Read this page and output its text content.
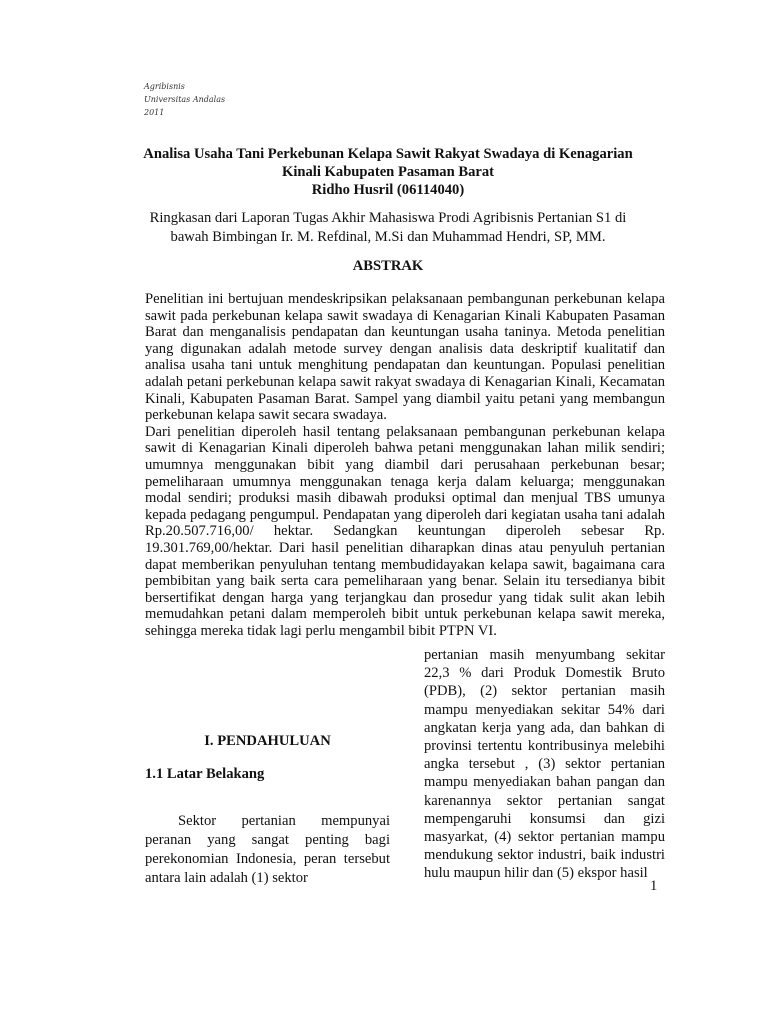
Agribisnis
Universitas Andalas
2011
Analisa Usaha Tani Perkebunan Kelapa Sawit Rakyat Swadaya di Kenagarian
Kinali Kabupaten Pasaman Barat
Ridho Husril (06114040)
Ringkasan dari Laporan Tugas Akhir Mahasiswa Prodi Agribisnis Pertanian S1 di bawah Bimbingan Ir. M. Refdinal, M.Si dan Muhammad Hendri, SP, MM.
ABSTRAK

Penelitian ini bertujuan mendeskripsikan pelaksanaan pembangunan perkebunan kelapa sawit pada perkebunan kelapa sawit swadaya di Kenagarian Kinali Kabupaten Pasaman Barat dan menganalisis pendapatan dan keuntungan usaha taninya. Metoda penelitian yang digunakan adalah metode survey dengan analisis data deskriptif kualitatif dan analisa usaha tani untuk menghitung pendapatan dan keuntungan. Populasi penelitian adalah petani perkebunan kelapa sawit rakyat swadaya di Kenagarian Kinali, Kecamatan Kinali, Kabupaten Pasaman Barat. Sampel yang diambil yaitu petani yang membangun perkebunan kelapa sawit secara swadaya.

Dari penelitian diperoleh hasil tentang pelaksanaan pembangunan perkebunan kelapa sawit di Kenagarian Kinali diperoleh bahwa petani menggunakan lahan milik sendiri; umumnya menggunakan bibit yang diambil dari perusahaan perkebunan besar; pemeliharaan umumnya menggunakan tenaga kerja dalam keluarga; menggunakan modal sendiri; produksi masih dibawah produksi optimal dan menjual TBS umunya kepada pedagang pengumpul. Pendapatan yang diperoleh dari kegiatan usaha tani adalah Rp.20.507.716,00/ hektar. Sedangkan keuntungan diperoleh sebesar Rp. 19.301.769,00/hektar. Dari hasil penelitian diharapkan dinas atau penyuluh pertanian dapat memberikan penyuluhan tentang membudidayakan kelapa sawit, bagaimana cara pembibitan yang baik serta cara pemeliharaan yang benar. Selain itu tersedianya bibit bersertifikat dengan harga yang terjangkau dan prosedur yang tidak sulit akan lebih memudahkan petani dalam memperoleh bibit untuk perkebunan kelapa sawit mereka, sehingga mereka tidak lagi perlu mengambil bibit PTPN VI.

I. PENDAHULUAN
1.1 Latar Belakang
Sektor pertanian mempunyai peranan yang sangat penting bagi perekonomian Indonesia, peran tersebut antara lain adalah (1) sektor
pertanian masih menyumbang sekitar 22,3 % dari Produk Domestik Bruto (PDB), (2) sektor pertanian masih mampu menyediakan sekitar 54% dari angkatan kerja yang ada, dan bahkan di provinsi tertentu kontribusinya melebihi angka tersebut , (3) sektor pertanian mampu menyediakan bahan pangan dan karenannya sektor pertanian sangat mempengaruhi konsumsi dan gizi masyarkat, (4) sektor pertanian mampu mendukung sektor industri, baik industri hulu maupun hilir dan (5) ekspor hasil
1
